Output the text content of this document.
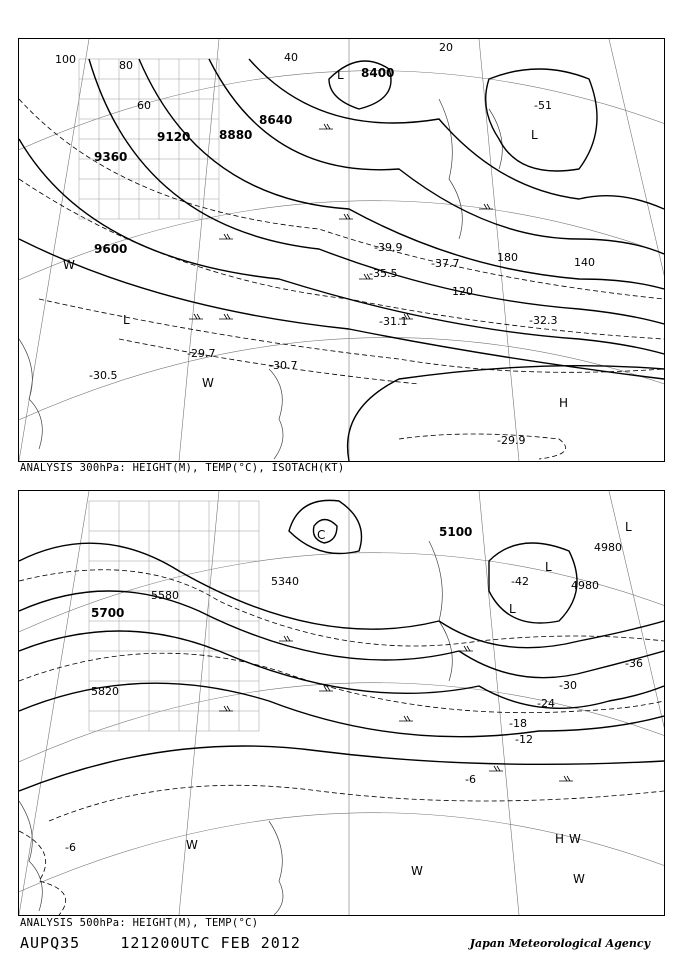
8400
8640
8880
9120
9360
9600
100	80
60
40
20
180	140
120
-51
-39.9
-37.7
-35.5
-32.3
-31.1
-29.7
-30.5
-30.7
-29.9
L
L
L
W
W
H
ANALYSIS 300hPa: HEIGHT(M), TEMP(°C), ISOTACH(KT)
5100
4980
5340
5580
5700
5820
4980
-42
-36
-30
-24
-18
-12
-6
-6
C
L
L
L
W	H W
W
W
ANALYSIS 500hPa: HEIGHT(M), TEMP(°C)
AUPQ35	121200UTC FEB 2012	Japan Meteorological Agency
